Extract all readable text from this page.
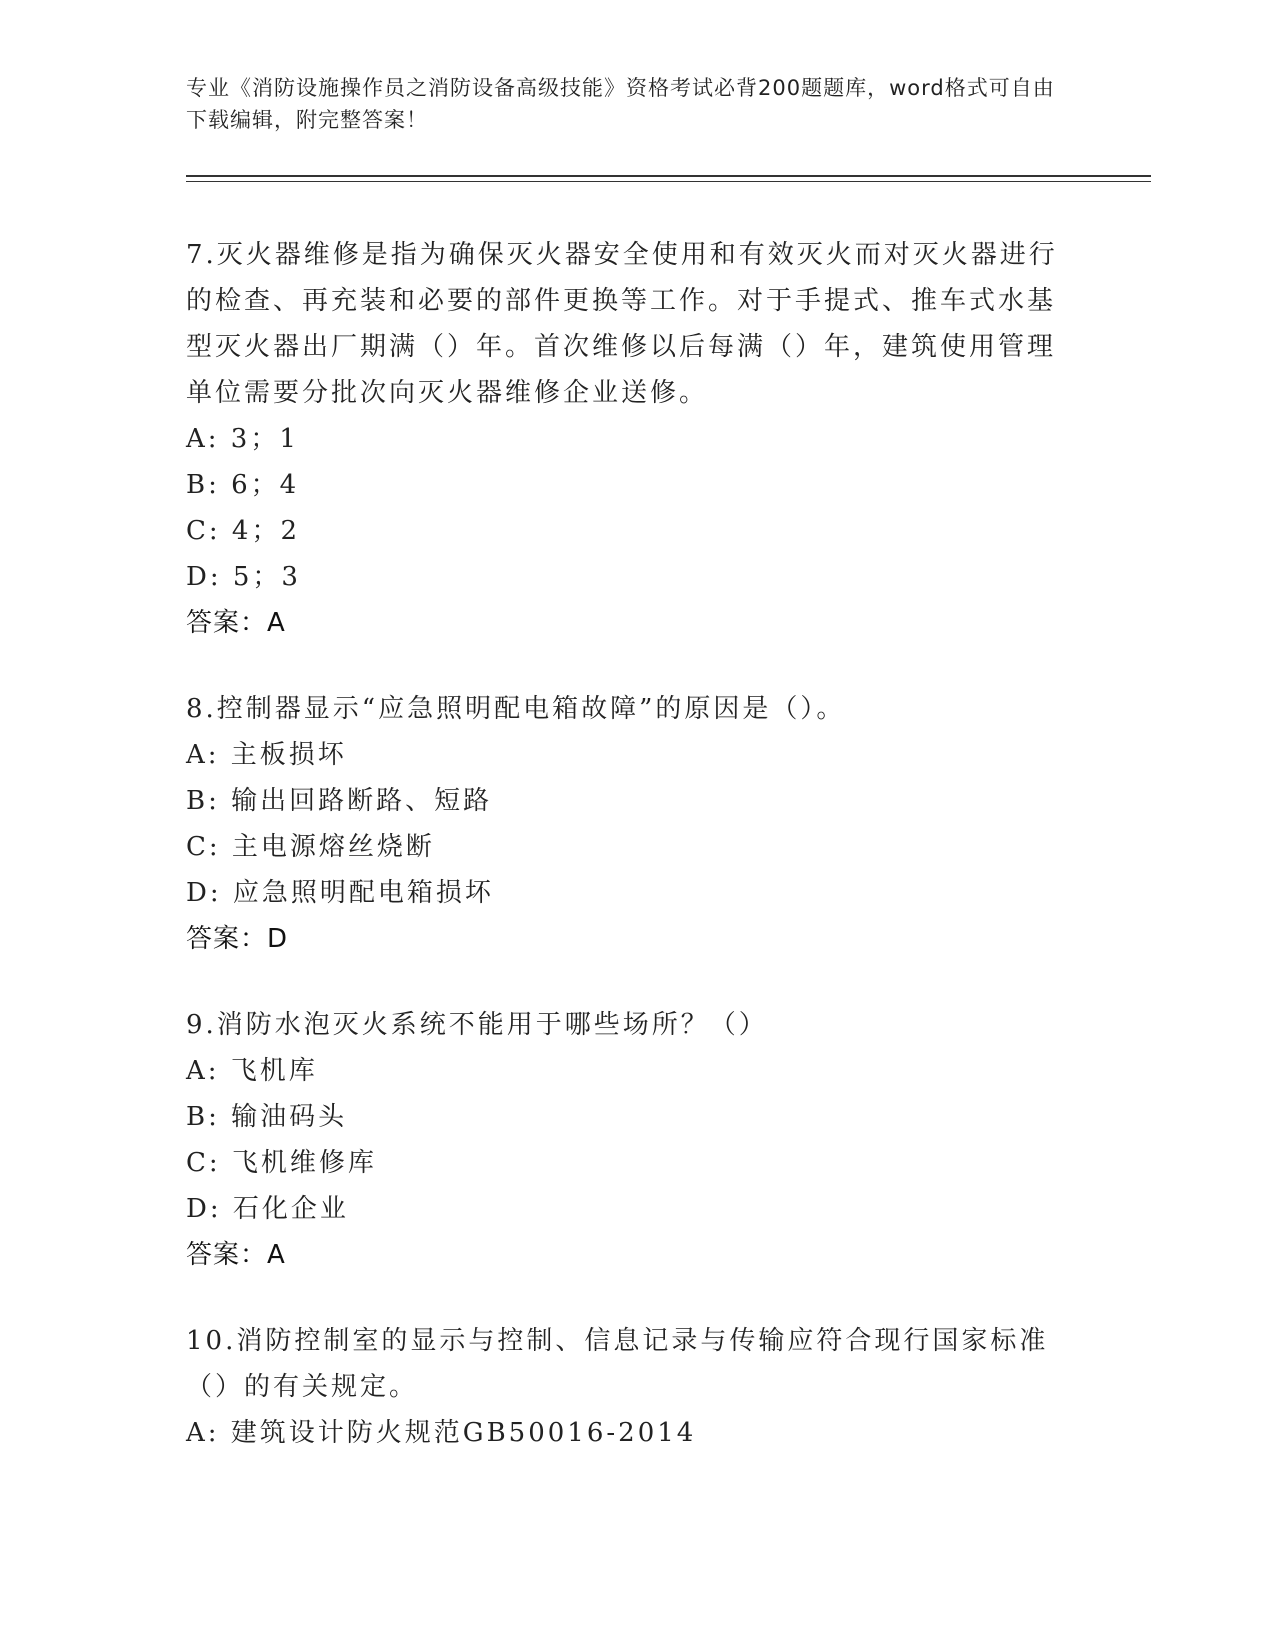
专业《消防设施操作员之消防设备高级技能》资格考试必背200题题库，word格式可自由下载编辑，附完整答案！

7.灭火器维修是指为确保灭火器安全使用和有效灭火而对灭火器进行的检查、再充装和必要的部件更换等工作。对于手提式、推车式水基型灭火器出厂期满（）年。首次维修以后每满（）年，建筑使用管理单位需要分批次向灭火器维修企业送修。

A: 3；1

B: 6；4

C: 4；2

D: 5；3

答案：A

8.控制器显示“应急照明配电箱故障”的原因是（）。

A: 主板损坏

B: 输出回路断路、短路

C: 主电源熔丝烧断

D: 应急照明配电箱损坏

答案：D

9.消防水泡灭火系统不能用于哪些场所？（）

A: 飞机库

B: 输油码头

C: 飞机维修库

D: 石化企业

答案：A

10.消防控制室的显示与控制、信息记录与传输应符合现行国家标准（）的有关规定。

A: 建筑设计防火规范GB50016-2014
